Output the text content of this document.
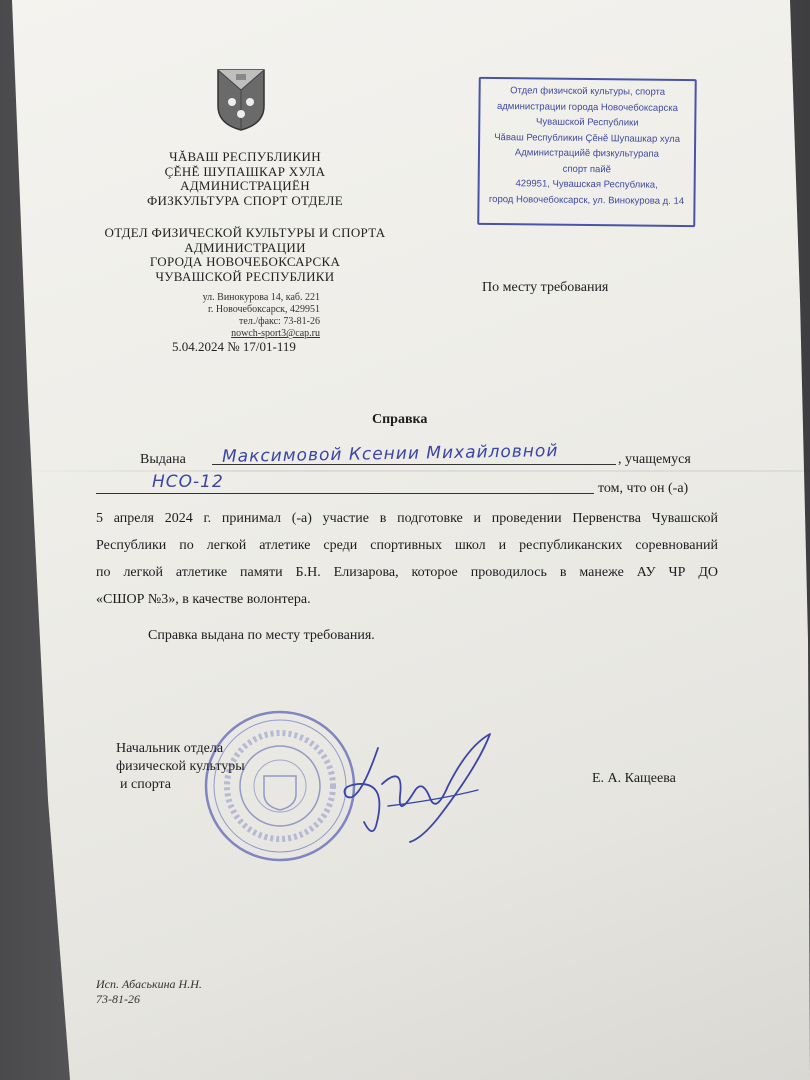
ЧĂВАШ РЕСПУБЛИКИН
ÇĔНĔ ШУПАШКАР ХУЛА
АДМИНИСТРАЦИЁН
ФИЗКУЛЬТУРА СПОРТ ОТДЕЛЕ
ОТДЕЛ ФИЗИЧЕСКОЙ КУЛЬТУРЫ И СПОРТА
АДМИНИСТРАЦИИ
ГОРОДА НОВОЧЕБОКСАРСКА
ЧУВАШСКОЙ РЕСПУБЛИКИ
ул. Винокурова 14, каб. 221
г. Новочебоксарск, 429951
тел./факс: 73-81-26
nowch-sport3@cap.ru
5.04.2024 № 17/01-119
Отдел физичской культуры, спорта
администрации города Новочебоксарска
Чувашской Республики
Чăваш Республикин Çĕнĕ Шупашкар хула
Администрацийĕ физкультурапа
спорт пайĕ
429951, Чувашская Республика,
город Новочебоксарск, ул. Винокурова д. 14
По месту требования
Справка
Выдана Максимовой Ксении Михайловной	, учащемуся
НСО-12	том, что он (-а)
5 апреля 2024 г. принимал (-а) участие в подготовке и проведении Первенства Чувашской
Республики по легкой атлетике среди спортивных школ и республиканских соревнований
по легкой атлетике памяти Б.Н. Елизарова, которое проводилось в манеже АУ ЧР ДО
«СШОР №3», в качестве волонтера.
Справка выдана по месту требования.
Начальник отдела
физической культуры
и спорта	Е. А. Кащеева
Исп. Абаськина Н.Н.
73-81-26
